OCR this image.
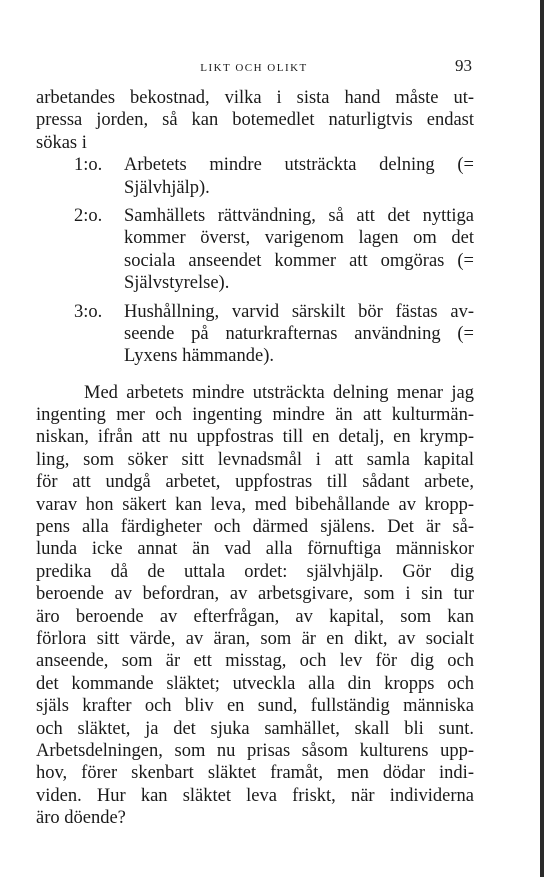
LIKT OCH OLIKT	93
arbetandes bekostnad, vilka i sista hand måste ut-
pressa jorden, så kan botemedlet naturligtvis endast
sökas i
1:o. Arbetets mindre utsträckta delning (=
Självhjälp).
2:o. Samhällets rättvändning, så att det nyttiga
kommer överst, varigenom lagen om det
sociala anseendet kommer att omgöras (=
Självstyrelse).
3:o. Hushållning, varvid särskilt bör fästas av-
seende på naturkrafternas användning (=
Lyxens hämmande).
Med arbetets mindre utsträckta delning menar jag
ingenting mer och ingenting mindre än att kulturmän-
niskan, ifrån att nu uppfostras till en detalj, en krymp-
ling, som söker sitt levnadsmål i att samla kapital
för att undgå arbetet, uppfostras till sådant arbete,
varav hon säkert kan leva, med bibehållande av kropp-
pens alla färdigheter och därmed själens. Det är så-
lunda icke annat än vad alla förnuftiga människor
predika då de uttala ordet: självhjälp. Gör dig
beroende av befordran, av arbetsgivare, som i sin tur
äro beroende av efterfrågan, av kapital, som kan
förlora sitt värde, av äran, som är en dikt, av socialt
anseende, som är ett misstag, och lev för dig och
det kommande släktet; utveckla alla din kropps och
själs krafter och bliv en sund, fullständig människa
och släktet, ja det sjuka samhället, skall bli sunt.
Arbetsdelningen, som nu prisas såsom kulturens upp-
hov, förer skenbart släktet framåt, men dödar indi-
viden. Hur kan släktet leva friskt, när individerna
äro döende?
